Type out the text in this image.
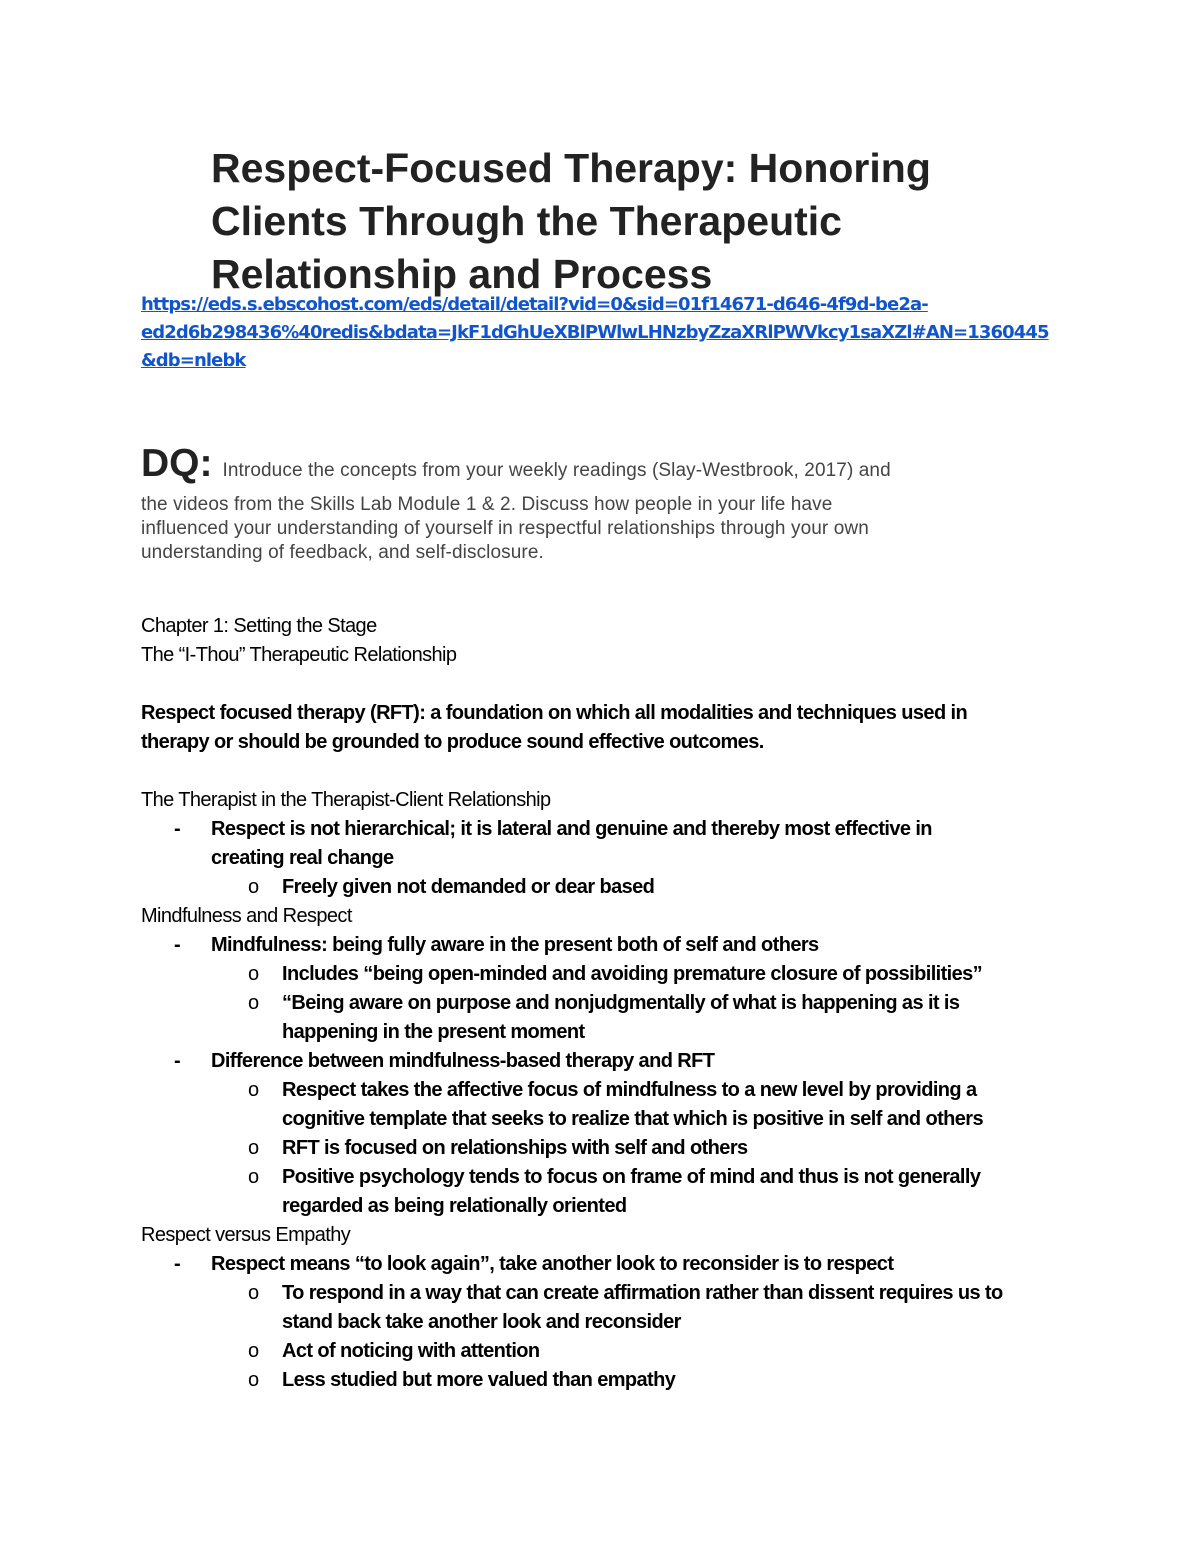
Respect-Focused Therapy: Honoring
Clients Through the Therapeutic
Relationship and Process
https://eds.s.ebscohost.com/eds/detail/detail?vid=0&sid=01f14671-d646-4f9d-be2a-
ed2d6b298436%40redis&bdata=JkF1dGhUeXBlPWlwLHNzbyZzaXRlPWVkcy1saXZl#AN=1360445
&db=nlebk
DQ: Introduce the concepts from your weekly readings (Slay-Westbrook, 2017) and
the videos from the Skills Lab Module 1 & 2. Discuss how people in your life have
influenced your understanding of yourself in respectful relationships through your own
understanding of feedback, and self-disclosure.
Chapter 1: Setting the Stage
The “I-Thou” Therapeutic Relationship
Respect focused therapy (RFT): a foundation on which all modalities and techniques used in
therapy or should be grounded to produce sound effective outcomes.
The Therapist in the Therapist-Client Relationship
- Respect is not hierarchical; it is lateral and genuine and thereby most effective in
creating real change
o Freely given not demanded or dear based
Mindfulness and Respect
- Mindfulness: being fully aware in the present both of self and others
o Includes “being open-minded and avoiding premature closure of possibilities”
o “Being aware on purpose and nonjudgmentally of what is happening as it is
happening in the present moment
- Difference between mindfulness-based therapy and RFT
o Respect takes the affective focus of mindfulness to a new level by providing a
cognitive template that seeks to realize that which is positive in self and others
o RFT is focused on relationships with self and others
o Positive psychology tends to focus on frame of mind and thus is not generally
regarded as being relationally oriented
Respect versus Empathy
- Respect means “to look again”, take another look to reconsider is to respect
o To respond in a way that can create affirmation rather than dissent requires us to
stand back take another look and reconsider
o Act of noticing with attention
o Less studied but more valued than empathy
